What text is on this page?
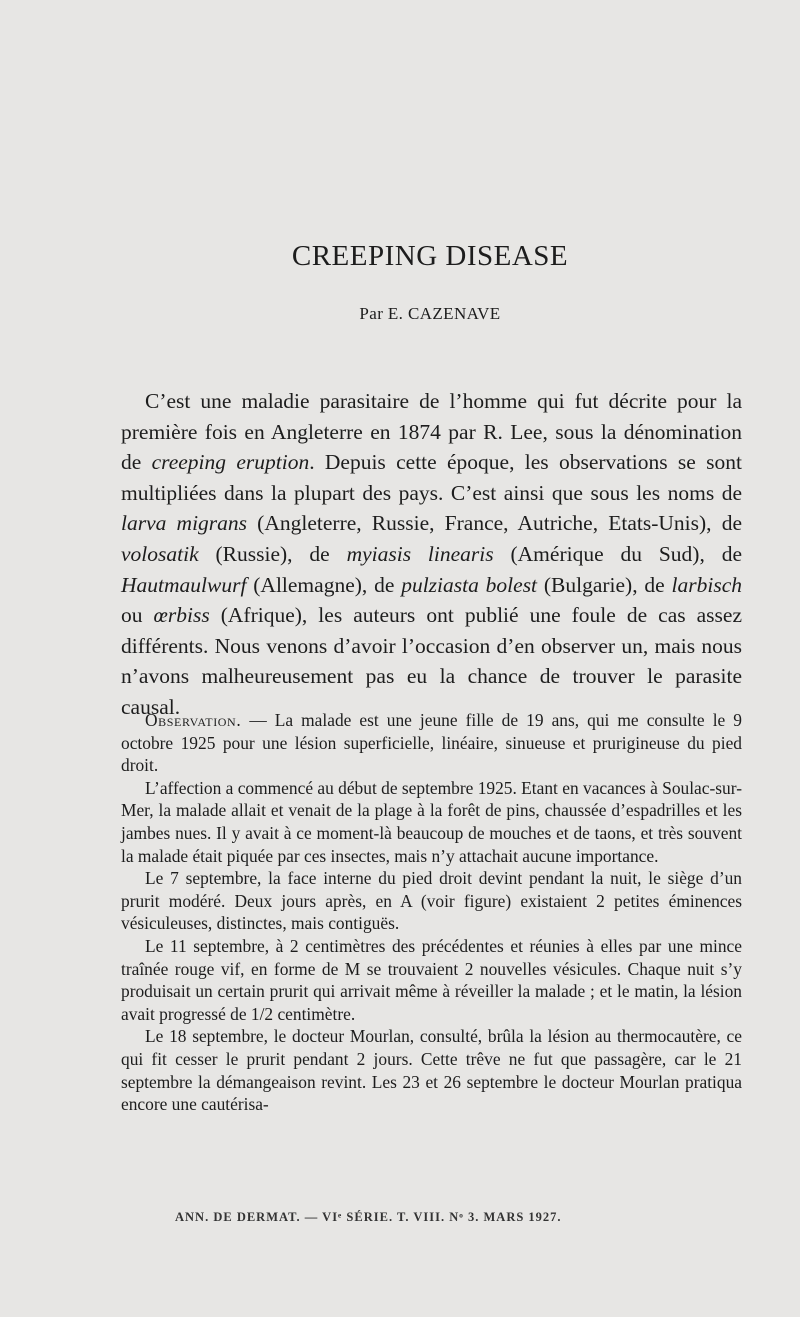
CREEPING DISEASE
Par E. CAZENAVE

C’est une maladie parasitaire de l’homme qui fut décrite pour la première fois en Angleterre en 1874 par R. Lee, sous la dénomination de creeping eruption. Depuis cette époque, les observations se sont multipliées dans la plupart des pays. C’est ainsi que sous les noms de larva migrans (Angleterre, Russie, France, Autriche, Etats-Unis), de volosatik (Russie), de myiasis linearis (Amérique du Sud), de Hautmaulwurf (Allemagne), de pulziasta bolest (Bulgarie), de larbisch ou œrbiss (Afrique), les auteurs ont publié une foule de cas assez différents. Nous venons d’avoir l’occasion d’en observer un, mais nous n’avons malheureusement pas eu la chance de trouver le parasite causal.

Observation. — La malade est une jeune fille de 19 ans, qui me consulte le 9 octobre 1925 pour une lésion superficielle, linéaire, sinueuse et prurigineuse du pied droit.

L’affection a commencé au début de septembre 1925. Etant en vacances à Soulac-sur-Mer, la malade allait et venait de la plage à la forêt de pins, chaussée d’espadrilles et les jambes nues. Il y avait à ce moment-là beaucoup de mouches et de taons, et très souvent la malade était piquée par ces insectes, mais n’y attachait aucune importance.

Le 7 septembre, la face interne du pied droit devint pendant la nuit, le siège d’un prurit modéré. Deux jours après, en A (voir figure) existaient 2 petites éminences vésiculeuses, distinctes, mais contiguës.

Le 11 septembre, à 2 centimètres des précédentes et réunies à elles par une mince traînée rouge vif, en forme de M se trouvaient 2 nouvelles vésicules. Chaque nuit s’y produisait un certain prurit qui arrivait même à réveiller la malade ; et le matin, la lésion avait progressé de 1/2 centimètre.

Le 18 septembre, le docteur Mourlan, consulté, brûla la lésion au thermocautère, ce qui fit cesser le prurit pendant 2 jours. Cette trêve ne fut que passagère, car le 21 septembre la démangeaison revint. Les 23 et 26 septembre le docteur Mourlan pratiqua encore une cautérisa-

ANN. DE DERMAT. — VIᵉ SÉRIE. T. VIII. Nᵒ 3. MARS 1927.
